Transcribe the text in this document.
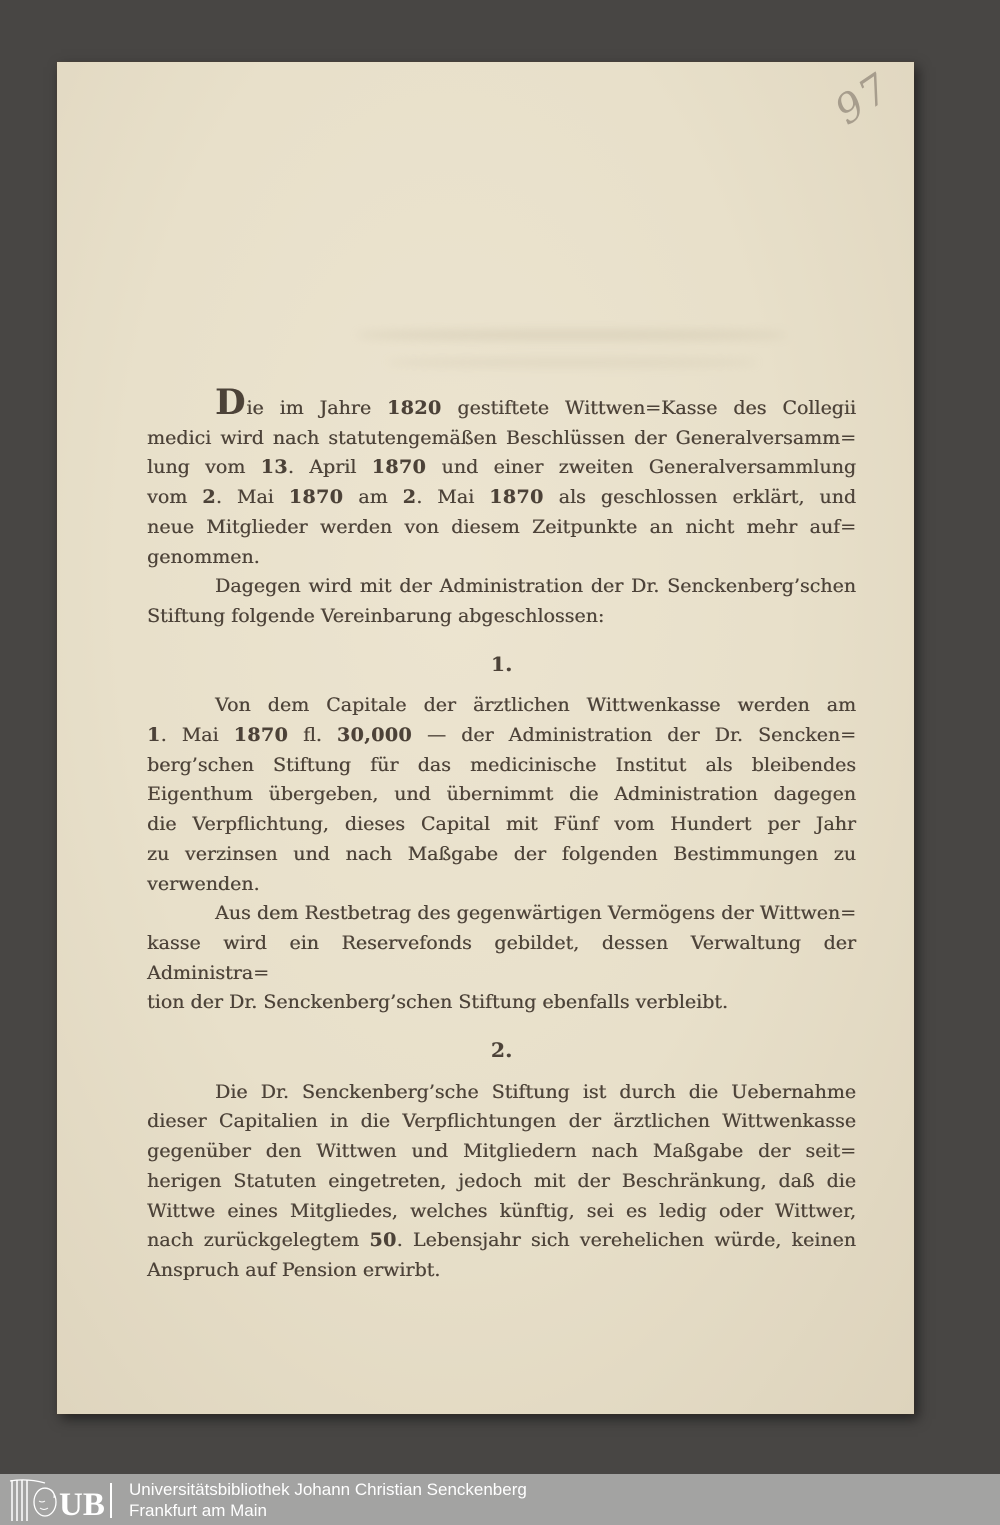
97
Die im Jahre 1820 gestiftete Wittwen=Kasse des Collegii
medici wird nach statutengemäßen Beschlüssen der Generalversamm=
lung vom 13. April 1870 und einer zweiten Generalversammlung
vom 2. Mai 1870 am 2. Mai 1870 als geschlossen erklärt, und
neue Mitglieder werden von diesem Zeitpunkte an nicht mehr auf=
genommen.
Dagegen wird mit der Administration der Dr. Senckenberg’schen
Stiftung folgende Vereinbarung abgeschlossen:
1.
Von dem Capitale der ärztlichen Wittwenkasse werden am
1. Mai 1870 fl. 30,000 — der Administration der Dr. Sencken=
berg’schen Stiftung für das medicinische Institut als bleibendes
Eigenthum übergeben, und übernimmt die Administration dagegen
die Verpflichtung, dieses Capital mit Fünf vom Hundert per Jahr
zu verzinsen und nach Maßgabe der folgenden Bestimmungen zu
verwenden.
Aus dem Restbetrag des gegenwärtigen Vermögens der Wittwen=
kasse wird ein Reservefonds gebildet, dessen Verwaltung der Administra=
tion der Dr. Senckenberg’schen Stiftung ebenfalls verbleibt.
2.
Die Dr. Senckenberg’sche Stiftung ist durch die Uebernahme
dieser Capitalien in die Verpflichtungen der ärztlichen Wittwenkasse
gegenüber den Wittwen und Mitgliedern nach Maßgabe der seit=
herigen Statuten eingetreten, jedoch mit der Beschränkung, daß die
Wittwe eines Mitgliedes, welches künftig, sei es ledig oder Wittwer,
nach zurückgelegtem 50. Lebensjahr sich verehelichen würde, keinen
Anspruch auf Pension erwirbt.
UB Universitätsbibliothek Johann Christian Senckenberg
Frankfurt am Main
